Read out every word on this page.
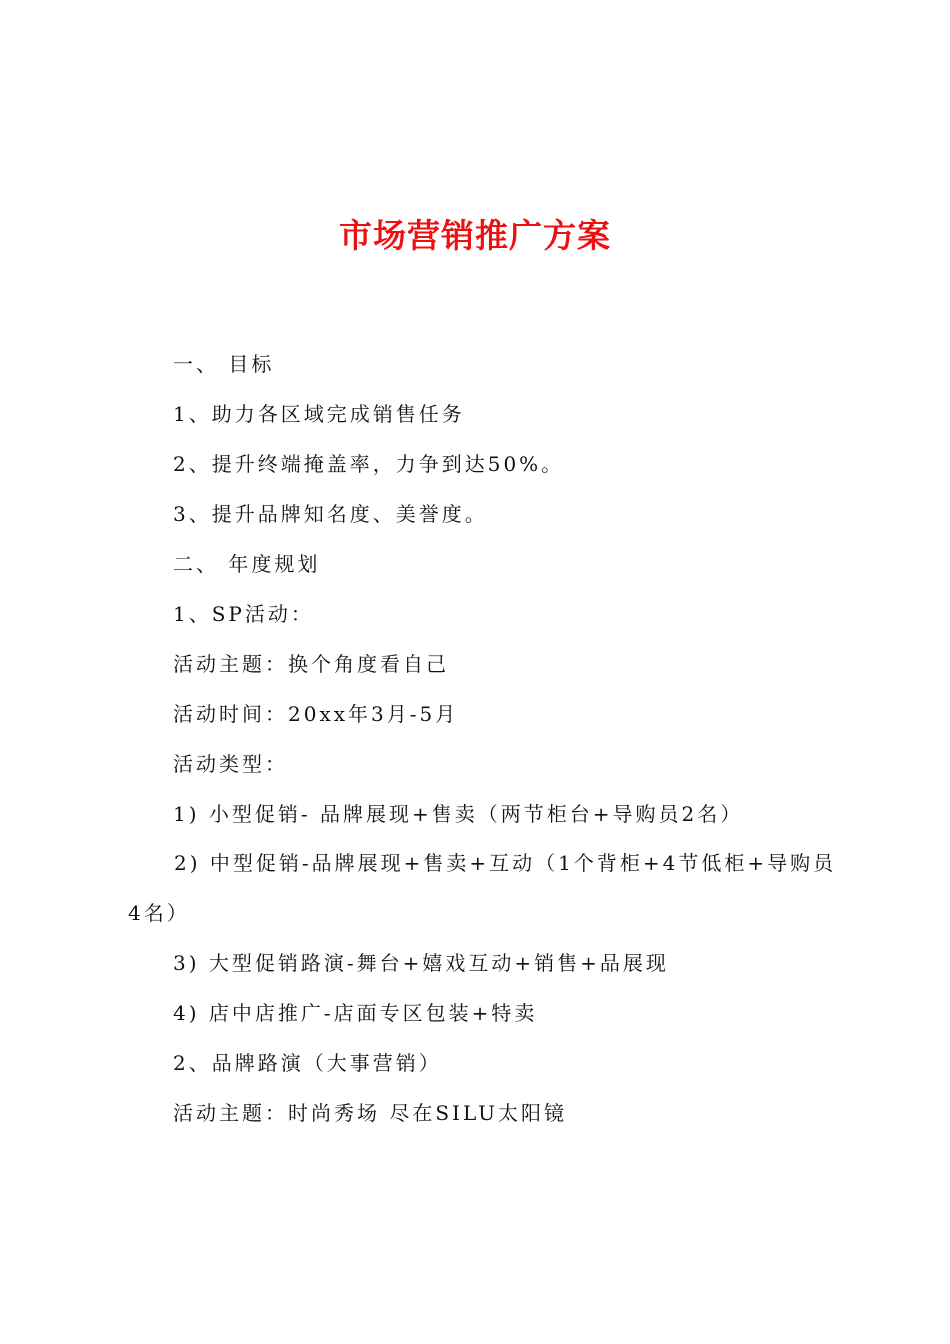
市场营销推广方案

一、 目标

1、助力各区域完成销售任务

2、提升终端掩盖率，力争到达50%。

3、提升品牌知名度、美誉度。

二、 年度规划

1、SP活动：

活动主题：换个角度看自己

活动时间：20xx年3月-5月

活动类型：

1) 小型促销- 品牌展现+售卖（两节柜台+导购员2名）

2) 中型促销-品牌展现+售卖+互动（1个背柜+4节低柜+导购员4名）

3) 大型促销路演-舞台+嬉戏互动+销售+品展现

4) 店中店推广-店面专区包装+特卖

2、品牌路演（大事营销）

活动主题：时尚秀场 尽在SILU太阳镜
